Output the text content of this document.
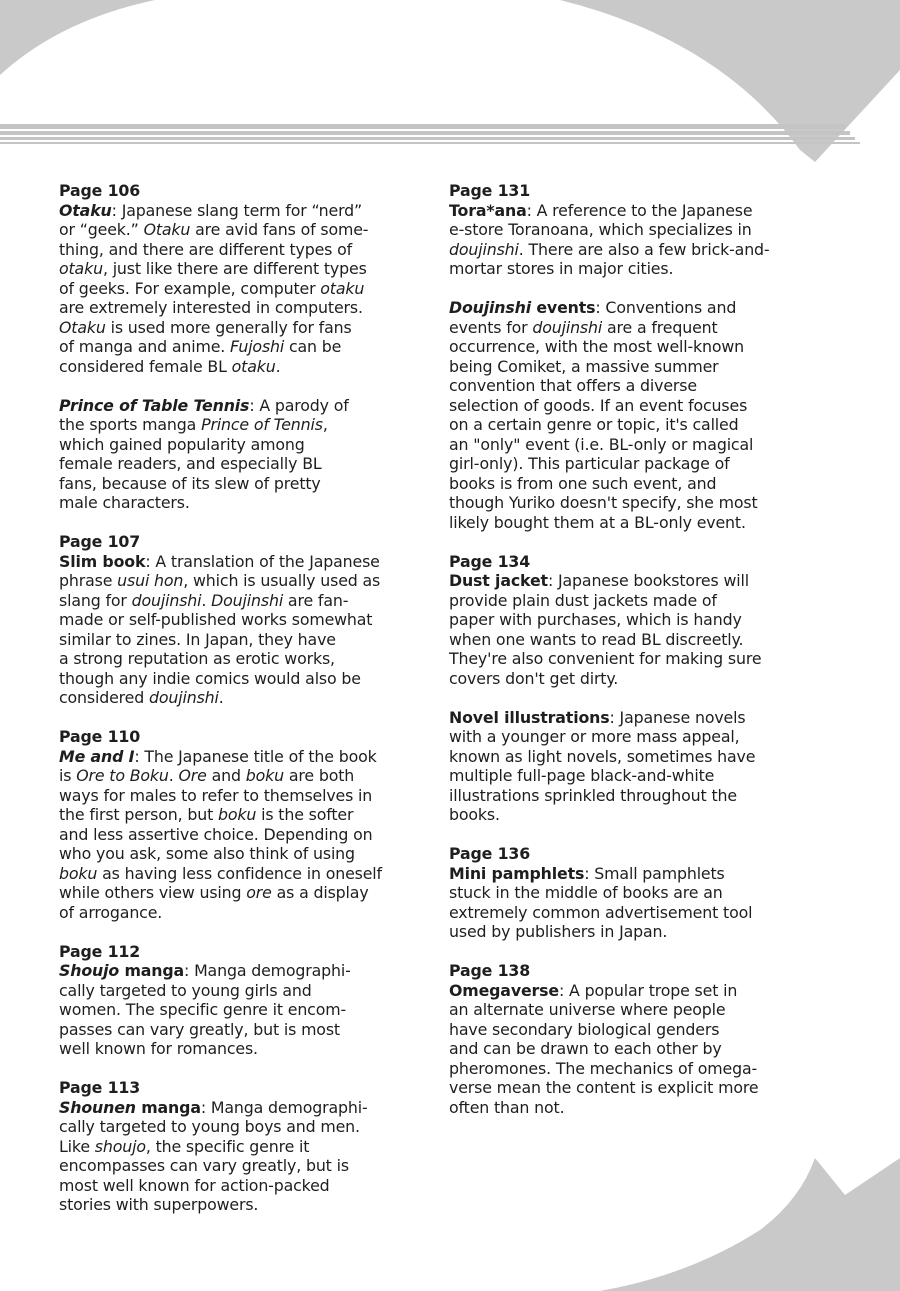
Page 106

Otaku: Japanese slang term for “nerd”

or “geek.” Otaku are avid fans of some-

thing, and there are different types of

otaku, just like there are different types

of geeks. For example, computer otaku

are extremely interested in computers.

Otaku is used more generally for fans

of manga and anime. Fujoshi can be

considered female BL otaku.

Prince of Table Tennis: A parody of

the sports manga Prince of Tennis,

which gained popularity among

female readers, and especially BL

fans, because of its slew of pretty

male characters.

Page 107

Slim book: A translation of the Japanese

phrase usui hon, which is usually used as

slang for doujinshi. Doujinshi are fan-

made or self-published works somewhat

similar to zines. In Japan, they have

a strong reputation as erotic works,

though any indie comics would also be

considered doujinshi.

Page 110

Me and I: The Japanese title of the book

is Ore to Boku. Ore and boku are both

ways for males to refer to themselves in

the first person, but boku is the softer

and less assertive choice. Depending on

who you ask, some also think of using

boku as having less confidence in oneself

while others view using ore as a display

of arrogance.

Page 112

Shoujo manga: Manga demographi-

cally targeted to young girls and

women. The specific genre it encom-

passes can vary greatly, but is most

well known for romances.

Page 113

Shounen manga: Manga demographi-

cally targeted to young boys and men.

Like shoujo, the specific genre it

encompasses can vary greatly, but is

most well known for action-packed

stories with superpowers.

Page 131

Tora*ana: A reference to the Japanese

e-store Toranoana, which specializes in

doujinshi. There are also a few brick-and-

mortar stores in major cities.

Doujinshi events: Conventions and

events for doujinshi are a frequent

occurrence, with the most well-known

being Comiket, a massive summer

convention that offers a diverse

selection of goods. If an event focuses

on a certain genre or topic, it's called

an "only" event (i.e. BL-only or magical

girl-only). This particular package of

books is from one such event, and

though Yuriko doesn't specify, she most

likely bought them at a BL-only event.

Page 134

Dust jacket: Japanese bookstores will

provide plain dust jackets made of

paper with purchases, which is handy

when one wants to read BL discreetly.

They're also convenient for making sure

covers don't get dirty.

Novel illustrations: Japanese novels

with a younger or more mass appeal,

known as light novels, sometimes have

multiple full-page black-and-white

illustrations sprinkled throughout the

books.

Page 136

Mini pamphlets: Small pamphlets

stuck in the middle of books are an

extremely common advertisement tool

used by publishers in Japan.

Page 138

Omegaverse: A popular trope set in

an alternate universe where people

have secondary biological genders

and can be drawn to each other by

pheromones. The mechanics of omega-

verse mean the content is explicit more

often than not.
